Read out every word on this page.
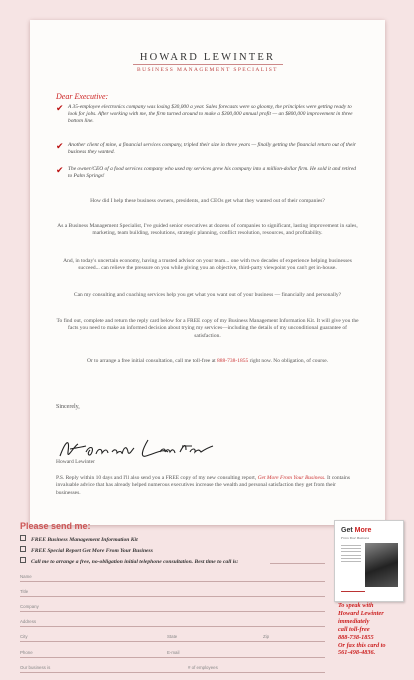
HOWARD LEWINTER
BUSINESS MANAGEMENT SPECIALIST
Dear Executive:
✔ A 35-employee electronics company was losing $30,000 a year. Sales forecasts were so gloomy, the principles were getting ready to look for jobs. After working with me, the firm turned around to make a $300,000 annual profit — an $800,000 improvement in three bottom line.
✔ Another client of mine, a financial services company, tripled their size in three years — finally getting the financial return out of their business they wanted.
✔ The owner/CEO of a food services company who used my services grew his company into a million-dollar firm. He sold it and retired to Palm Springs!
How did I help these business owners, presidents, and CEOs get what they wanted out of their companies?
As a Business Management Specialist, I've guided senior executives at dozens of companies to significant, lasting improvement in sales, marketing, team building, resolutions, strategic planning, conflict resolution, resources, and profitability.
And, in today's uncertain economy, having a trusted advisor on your team... one with two decades of experience helping businesses succeed... can relieve the pressure on you while giving you an objective, third-party viewpoint you can't get in-house.
Can my consulting and coaching services help you get what you want out of your business — financially and personally?
To find out, complete and return the reply card below for a FREE copy of my Business Management Information Kit. It will give you the facts you need to make an informed decision about trying my services—including the details of my unconditional guarantee of satisfaction.
Or to arrange a free initial consultation, call me toll-free at 888-738-1855 right now. No obligation, of course.
Sincerely,
Howard Lewinter
P.S. Reply within 10 days and I'll also send you a FREE copy of my new consulting report, Get More From Your Business. It contains invaluable advice that has already helped numerous executives increase the wealth and personal satisfaction they get from their businesses.
Please send me:
FREE Business Management Information Kit
FREE Special Report Get More From Your Business
Call me to arrange a free, no-obligation initial telephone consultation. Best time to call is:
Name
Title
Company
Address
City	State	Zip
Phone	E-mail
Our business is	# of employees
Get More
From Your Business
To speak with
Howard Lewinter
immediately
call toll-free
888-738-1855
Or fax this card to
561-498-4836.
